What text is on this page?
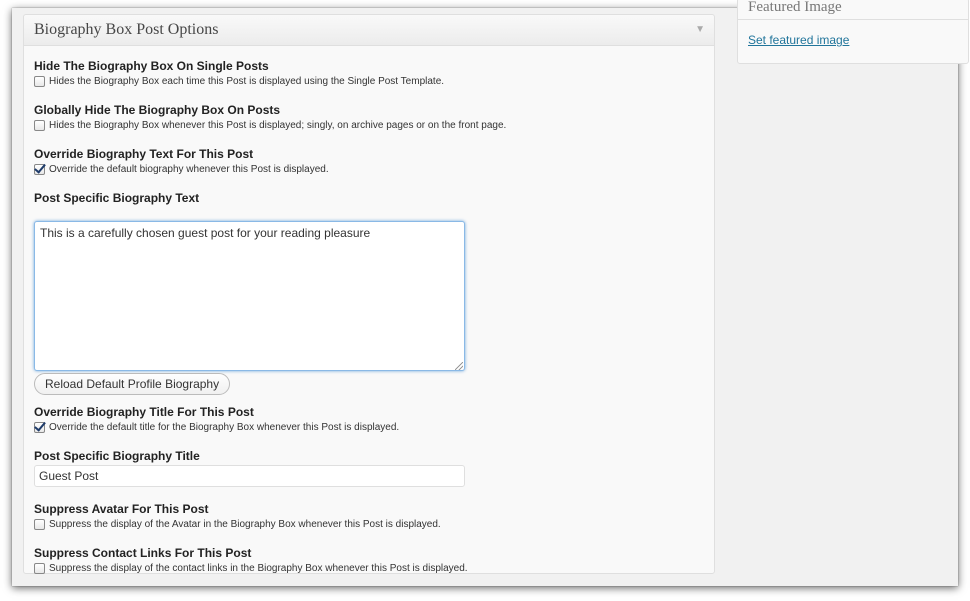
Biography Box Post Options	▼
Hide The Biography Box On Single Posts
Hides the Biography Box each time this Post is displayed using the Single Post Template.
Globally Hide The Biography Box On Posts
Hides the Biography Box whenever this Post is displayed; singly, on archive pages or on the front page.
Override Biography Text For This Post
Override the default biography whenever this Post is displayed.
Post Specific Biography Text
This is a carefully chosen guest post for your reading pleasure
Reload Default Profile Biography
Override Biography Title For This Post
Override the default title for the Biography Box whenever this Post is displayed.
Post Specific Biography Title
Guest Post
Suppress Avatar For This Post
Suppress the display of the Avatar in the Biography Box whenever this Post is displayed.
Suppress Contact Links For This Post
Suppress the display of the contact links in the Biography Box whenever this Post is displayed.
Featured Image
Set featured image
